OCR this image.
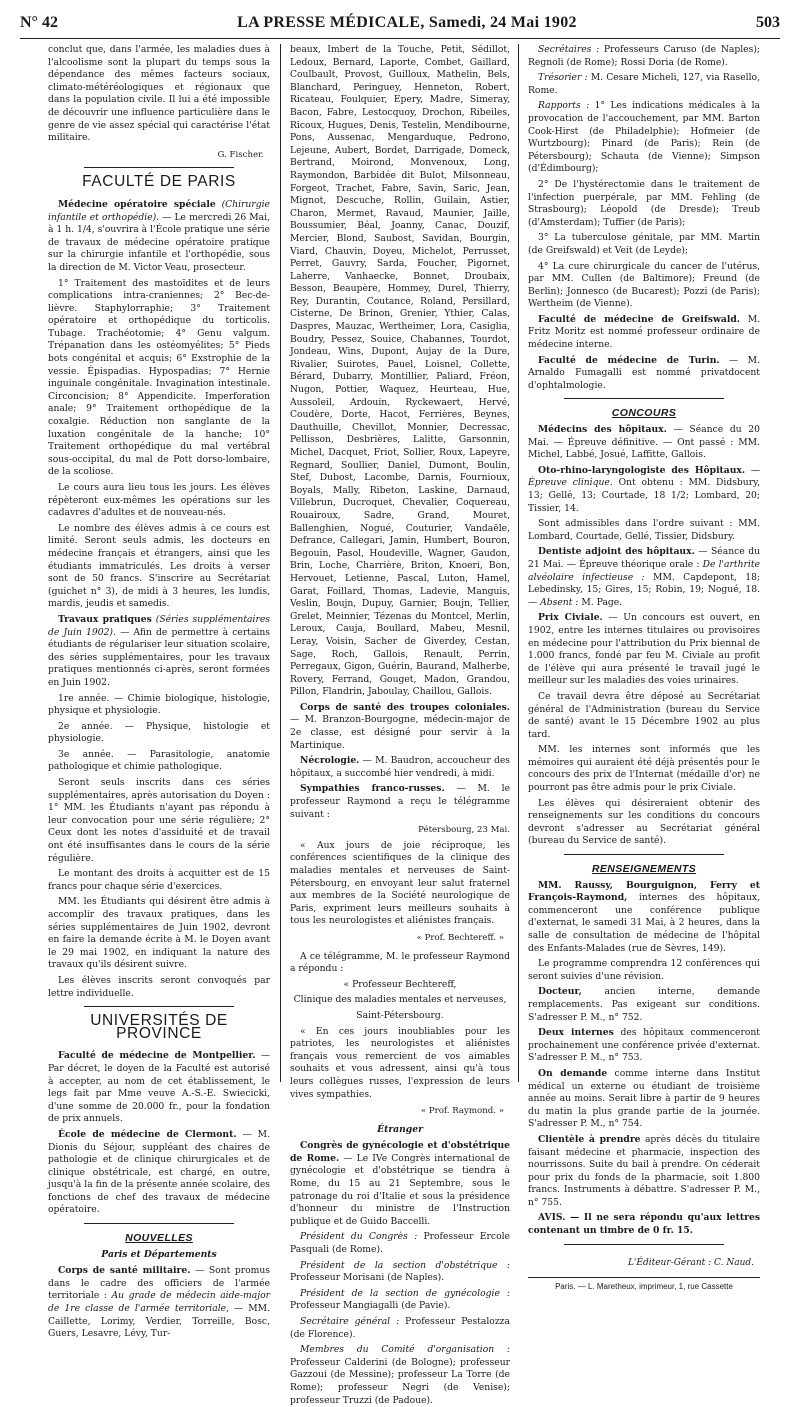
N° 42	LA PRESSE MÉDICALE, Samedi, 24 Mai 1902	503

conclut que, dans l'armée, les maladies dues à l'alcoolisme sont la plupart du temps sous la dépendance des mêmes facteurs sociaux, climato-météréologiques et régionaux que dans la population civile. Il lui a été impossible de découvrir une influence particulière dans le genre de vie assez spécial qui caractérise l'état militaire.

G. Fischer.
FACULTÉ DE PARIS

Médecine opératoire spéciale (Chirurgie infantile et orthopédie). — Le mercredi 26 Mai, à 1 h. 1/4, s'ouvrira à l'École pratique une série de travaux de médecine opératoire pratique sur la chirurgie infantile et l'orthopédie, sous la direction de M. Victor Veau, prosecteur.

1° Traitement des mastoïdites et de leurs complications intra-craniennes; 2° Bec-de-lièvre. Staphylorraphie; 3° Traitement opératoire et orthopédique du torticolis. Tubage. Trachéotomie; 4° Genu valgum. Trépanation dans les ostéomyélites; 5° Pieds bots congénital et acquis; 6° Exstrophie de la vessie. Épispadias. Hypospadias; 7° Hernie inguinale congénitale. Invagination intestinale. Circoncision; 8° Appendicite. Imperforation anale; 9° Traitement orthopédique de la coxalgie. Réduction non sanglante de la luxation congénitale de la hanche; 10° Traitement orthopédique du mal vertébral sous-occipital, du mal de Pott dorso-lombaire, de la scoliose.

Le cours aura lieu tous les jours. Les élèves répèteront eux-mêmes les opérations sur les cadavres d'adultes et de nouveau-nés.

Le nombre des élèves admis à ce cours est limité. Seront seuls admis, les docteurs en médecine français et étrangers, ainsi que les étudiants immatriculés. Les droits à verser sont de 50 francs. S'inscrire au Secrétariat (guichet n° 3), de midi à 3 heures, les lundis, mardis, jeudis et samedis.

Travaux pratiques (Séries supplémentaires de Juin 1902). — Afin de permettre à certains étudiants de régulariser leur situation scolaire, des séries supplémentaires, pour les travaux pratiques mentionnés ci-après, seront formées en Juin 1902.

1re année. — Chimie biologique, histologie, physique et physiologie.

2e année. — Physique, histologie et physiologie.

3e année. — Parasitologie, anatomie pathologique et chimie pathologique.

Seront seuls inscrits dans ces séries supplémentaires, après autorisation du Doyen : 1° MM. les Étudiants n'ayant pas répondu à leur convocation pour une série régulière; 2° Ceux dont les notes d'assiduité et de travail ont été insuffisantes dans le cours de la série régulière.

Le montant des droits à acquitter est de 15 francs pour chaque série d'exercices.

MM. les Étudiants qui désirent être admis à accomplir des travaux pratiques, dans les séries supplémentaires de Juin 1902, devront en faire la demande écrite à M. le Doyen avant le 29 mai 1902, en indiquant la nature des travaux qu'ils désirent suivre.

Les élèves inscrits seront convoqués par lettre individuelle.

UNIVERSITÉS DE PROVINCE

Faculté de médecine de Montpellier. — Par décret, le doyen de la Faculté est autorisé à accepter, au nom de cet établissement, le legs fait par Mme veuve A.-S.-E. Swiecicki, d'une somme de 20.000 fr., pour la fondation de prix annuels.

École de médecine de Clermont. — M. Dionis du Séjour, suppléant des chaires de pathologie et de clinique chirurgicales et de clinique obstétricale, est chargé, en outre, jusqu'à la fin de la présente année scolaire, des fonctions de chef des travaux de médecine opératoire.

NOUVELLES
Paris et Départements

Corps de santé militaire. — Sont promus dans le cadre des officiers de l'armée territoriale : Au grade de médecin aide-major de 1re classe de l'armée territoriale, — MM. Caillette, Lorimy, Verdier, Torreille, Bosc, Guers, Lesavre, Lévy, Tur-

beaux, Imbert de la Touche, Petit, Sédillot, Ledoux, Bernard, Laporte, Combet, Gaillard, Coulbault, Provost, Guilloux, Mathelin, Bels, Blanchard, Peringuey, Henneton, Robert, Ricateau, Foulquier, Epery, Madre, Simeray, Bacon, Fabre, Lestocquoy, Drochon, Ribeiles, Ricoux, Hugues, Denis, Testelin, Mendibourne, Pons, Aussenac, Mengarduque, Pedrono, Lejeune, Aubert, Bordet, Darrigade, Domeck, Bertrand, Moirond, Monvenoux, Long, Raymondon, Barbidée dit Bulot, Milsonneau, Forgeot, Trachet, Fabre, Savin, Saric, Jean, Mignot, Descuche, Rollin, Guilain, Astier, Charon, Mermet, Ravaud, Maunier, Jaille, Boussumier, Béal, Joanny, Canac, Douzif, Mercier, Blond, Saubost, Savidan, Bourgin, Viard, Chauvin, Doyeu, Michelot, Perrusset, Perret, Gauvry, Sarda, Foucher, Pigornet, Laherre, Vanhaecke, Bonnet, Droubaix, Besson, Beaupère, Hommey, Durel, Thierry, Rey, Durantin, Coutance, Roland, Persillard, Cisterne, De Brinon, Grenier, Ythier, Calas, Daspres, Mauzac, Wertheimer, Lora, Casiglia, Boudry, Pessez, Souice, Chabannes, Tourdot, Jondeau, Wins, Dupont, Aujay de la Dure, Rivalier, Suirotes, Pauel, Loisnel, Collette, Bérard, Dubarry, Montillier, Paliard, Fréon, Nugon, Pottier, Waquez, Heurteau, Hue, Aussoleil, Ardouin, Ryckewaert, Hervé, Coudère, Dorte, Hacot, Ferrières, Beynes, Dauthuille, Chevillot, Monnier, Decressac, Pellisson, Desbrières, Lalitte, Garsonnin, Michel, Dacquet, Friot, Sollier, Roux, Lapeyre, Regnard, Soullier, Daniel, Dumont, Boulin, Stef, Dubost, Lacombe, Darnis, Fournioux, Boyals, Mally, Ribeton, Laskine, Darnaud, Villebrun, Ducroquet, Chevalier, Coquereau, Rouairoux, Sadre, Grand, Mouret, Ballenghien, Nogué, Couturier, Vandaële, Defrance, Callegari, Jamin, Humbert, Bouron, Begouin, Pasol, Houdeville, Wagner, Gaudon, Brin, Loche, Charrière, Briton, Knoeri, Bon, Hervouet, Letienne, Pascal, Luton, Hamel, Garat, Foillard, Thomas, Ladevie, Manguis, Veslin, Boujn, Dupuy, Garnier, Boujn, Tellier, Grelet, Meinnier, Tézenas du Montcel, Merlin, Leroux, Cauja, Boullard, Mabeu, Mesnil, Leray, Voisin, Sacher de Giverdey, Cestan, Sage, Roch, Gallois, Renault, Perrin, Perregaux, Gigon, Guérin, Baurand, Malherbe, Rovery, Ferrand, Gouget, Madon, Grandou, Pillon, Flandrin, Jaboulay, Chaillou, Gallois.

Corps de santé des troupes coloniales. — M. Branzon-Bourgogne, médecin-major de 2e classe, est désigné pour servir à la Martinique.

Nécrologie. — M. Baudron, accoucheur des hôpitaux, a succombé hier vendredi, à midi.

Sympathies franco-russes. — M. le professeur Raymond a reçu le télégramme suivant :

Pétersbourg, 23 Mai.

« Aux jours de joie réciproque, les conférences scientifiques de la clinique des maladies mentales et nerveuses de Saint-Pétersbourg, en envoyant leur salut fraternel aux membres de la Société neurologique de Paris, expriment leurs meilleurs souhaits à tous les neurologistes et aliénistes français.

« Prof. Bechtereff. »

A ce télégramme, M. le professeur Raymond a répondu :

« Professeur Bechtereff,

Clinique des maladies mentales et nerveuses,

Saint-Pétersbourg.

« En ces jours inoubliables pour les patriotes, les neurologistes et aliénistes français vous remercient de vos aimables souhaits et vous adressent, ainsi qu'à tous leurs collègues russes, l'expression de leurs vives sympathies.

« Prof. Raymond. »
Étranger

Congrès de gynécologie et d'obstétrique de Rome. — Le IVe Congrès international de gynécologie et d'obstétrique se tiendra à Rome, du 15 au 21 Septembre, sous le patronage du roi d'Italie et sous la présidence d'honneur du ministre de l'Instruction publique et de Guido Baccelli.

Président du Congrès : Professeur Ercole Pasquali (de Rome).

Président de la section d'obstétrique : Professeur Morisani (de Naples).

Président de la section de gynécologie : Professeur Mangiagalli (de Pavie).

Secrétaire général : Professeur Pestalozza (de Florence).

Membres du Comité d'organisation : Professeur Calderini (de Bologne); professeur Gazzoui (de Messine); professeur La Torre (de Rome); professeur Negri (de Venise); professeur Truzzi (de Padoue).

Secrétaires : Professeurs Caruso (de Naples); Regnoli (de Rome); Rossi Doria (de Rome).

Trésorier : M. Cesare Micheli, 127, via Rasello, Rome.

Rapports : 1° Les indications médicales à la provocation de l'accouchement, par MM. Barton Cook-Hirst (de Philadelphie); Hofmeier (de Wurtzbourg); Pinard (de Paris); Rein (de Pétersbourg); Schauta (de Vienne); Simpson (d'Édimbourg);

2° De l'hystérectomie dans le traitement de l'infection puerpérale, par MM. Fehling (de Strasbourg); Léopold (de Dresde); Treub (d'Amsterdam); Tuffier (de Paris);

3° La tuberculose génitale, par MM. Martin (de Greifswald) et Veit (de Leyde);

4° La cure chirurgicale du cancer de l'utérus, par MM. Cullen (de Baltimore); Freund (de Berlin); Jonnesco (de Bucarest); Pozzi (de Paris); Wertheim (de Vienne).

Faculté de médecine de Greifswald. M. Fritz Moritz est nommé professeur ordinaire de médecine interne.

Faculté de médecine de Turin. — M. Arnaldo Fumagalli est nommé privatdocent d'ophtalmologie.

CONCOURS

Médecins des hôpitaux. — Séance du 20 Mai. — Épreuve définitive. — Ont passé : MM. Michel, Labbé, Josué, Laffitte, Gallois.

Oto-rhino-laryngologiste des Hôpitaux. — Épreuve clinique. Ont obtenu : MM. Didsbury, 13; Gellé, 13; Courtade, 18 1/2; Lombard, 20; Tissier, 14.

Sont admissibles dans l'ordre suivant : MM. Lombard, Courtade, Gellé, Tissier, Didsbury.

Dentiste adjoint des hôpitaux. — Séance du 21 Mai. — Épreuve théorique orale : De l'arthrite alvéolaire infectieuse : MM. Capdepont, 18; Lebedinsky, 15; Gires, 15; Robin, 19; Nogué, 18. — Absent : M. Page.

Prix Civiale. — Un concours est ouvert, en 1902, entre les internes titulaires ou provisoires en médecine pour l'attribution du Prix biennal de 1.000 francs, fondé par feu M. Civiale au profit de l'élève qui aura présenté le travail jugé le meilleur sur les maladies des voies urinaires.

Ce travail devra être déposé au Secrétariat général de l'Administration (bureau du Service de santé) avant le 15 Décembre 1902 au plus tard.

MM. les internes sont informés que les mémoires qui auraient été déjà présentés pour le concours des prix de l'Internat (médaille d'or) ne pourront pas être admis pour le prix Civiale.

Les élèves qui désireraient obtenir des renseignements sur les conditions du concours devront s'adresser au Secrétariat général (bureau du Service de santé).

RENSEIGNEMENTS

MM. Raussy, Bourguignon, Ferry et François-Raymond, internes des hôpitaux, commenceront une conférence publique d'externat, le samedi 31 Mai, à 2 heures, dans la salle de consultation de médecine de l'hôpital des Enfants-Malades (rue de Sèvres, 149).

Le programme comprendra 12 conférences qui seront suivies d'une révision.

Docteur, ancien interne, demande remplacements. Pas exigeant sur conditions. S'adresser P. M., n° 752.

Deux internes des hôpitaux commenceront prochainement une conférence privée d'externat. S'adresser P. M., n° 753.

On demande comme interne dans Institut médical un externe ou étudiant de troisième année au moins. Serait libre à partir de 9 heures du matin la plus grande partie de la journée. S'adresser P. M., n° 754.

Clientèle à prendre après décès du titulaire faisant médecine et pharmacie, inspection des nourrissons. Suite du bail à prendre. On céderait pour prix du fonds de la pharmacie, soit 1.800 francs. Instruments à débattre. S'adresser P. M., n° 755.

AVIS. — Il ne sera répondu qu'aux lettres contenant un timbre de 0 fr. 15.

L'Éditeur-Gérant : C. Naud.
Paris. — L. Maretheux, imprimeur, 1, rue Cassette
